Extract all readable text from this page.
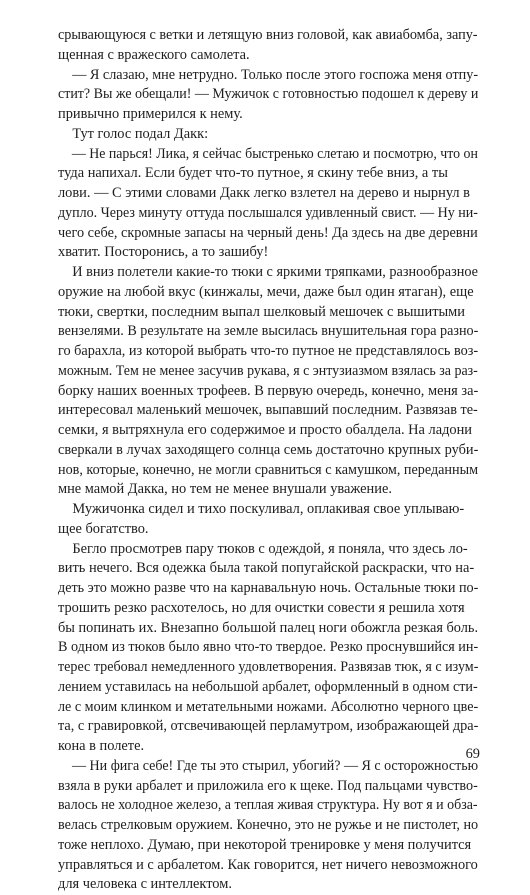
срывающуюся с ветки и летящую вниз головой, как авиабомба, запу-
щенная с вражеского самолета.
— Я слазаю, мне нетрудно. Только после этого госпожа меня отпу-
стит? Вы же обещали! — Мужичок с готовностью подошел к дереву и
привычно примерился к нему.
Тут голос подал Дакк:
— Не парься! Лика, я сейчас быстренько слетаю и посмотрю, что он
туда напихал. Если будет что-то путное, я скину тебе вниз, а ты
лови. — С этими словами Дакк легко взлетел на дерево и нырнул в
дупло. Через минуту оттуда послышался удивленный свист. — Ну ни-
чего себе, скромные запасы на черный день! Да здесь на две деревни
хватит. Посторонись, а то зашибу!
И вниз полетели какие-то тюки с яркими тряпками, разнообразное
оружие на любой вкус (кинжалы, мечи, даже был один ятаган), еще
тюки, свертки, последним выпал шелковый мешочек с вышитыми
вензелями. В результате на земле высилась внушительная гора разно-
го барахла, из которой выбрать что-то путное не представлялось воз-
можным. Тем не менее засучив рукава, я с энтузиазмом взялась за раз-
борку наших военных трофеев. В первую очередь, конечно, меня за-
интересовал маленький мешочек, выпавший последним. Развязав те-
семки, я вытряхнула его содержимое и просто обалдела. На ладони
сверкали в лучах заходящего солнца семь достаточно крупных руби-
нов, которые, конечно, не могли сравниться с камушком, переданным
мне мамой Дакка, но тем не менее внушали уважение.
Мужичонка сидел и тихо поскуливал, оплакивая свое уплываю-
щее богатство.
Бегло просмотрев пару тюков с одеждой, я поняла, что здесь ло-
вить нечего. Вся одежка была такой попугайской раскраски, что на-
деть это можно разве что на карнавальную ночь. Остальные тюки по-
трошить резко расхотелось, но для очистки совести я решила хотя
бы попинать их. Внезапно большой палец ноги обожгла резкая боль.
В одном из тюков было явно что-то твердое. Резко проснувшийся ин-
терес требовал немедленного удовлетворения. Развязав тюк, я с изум-
лением уставилась на небольшой арбалет, оформленный в одном сти-
ле с моим клинком и метательными ножами. Абсолютно черного цве-
та, с гравировкой, отсвечивающей перламутром, изображающей дра-
кона в полете.
— Ни фига себе! Где ты это стырил, убогий? — Я с осторожностью
взяла в руки арбалет и приложила его к щеке. Под пальцами чувство-
валось не холодное железо, а теплая живая структура. Ну вот я и обза-
велась стрелковым оружием. Конечно, это не ружье и не пистолет, но
тоже неплохо. Думаю, при некоторой тренировке у меня получится
управляться и с арбалетом. Как говорится, нет ничего невозможного
для человека с интеллектом.
69
